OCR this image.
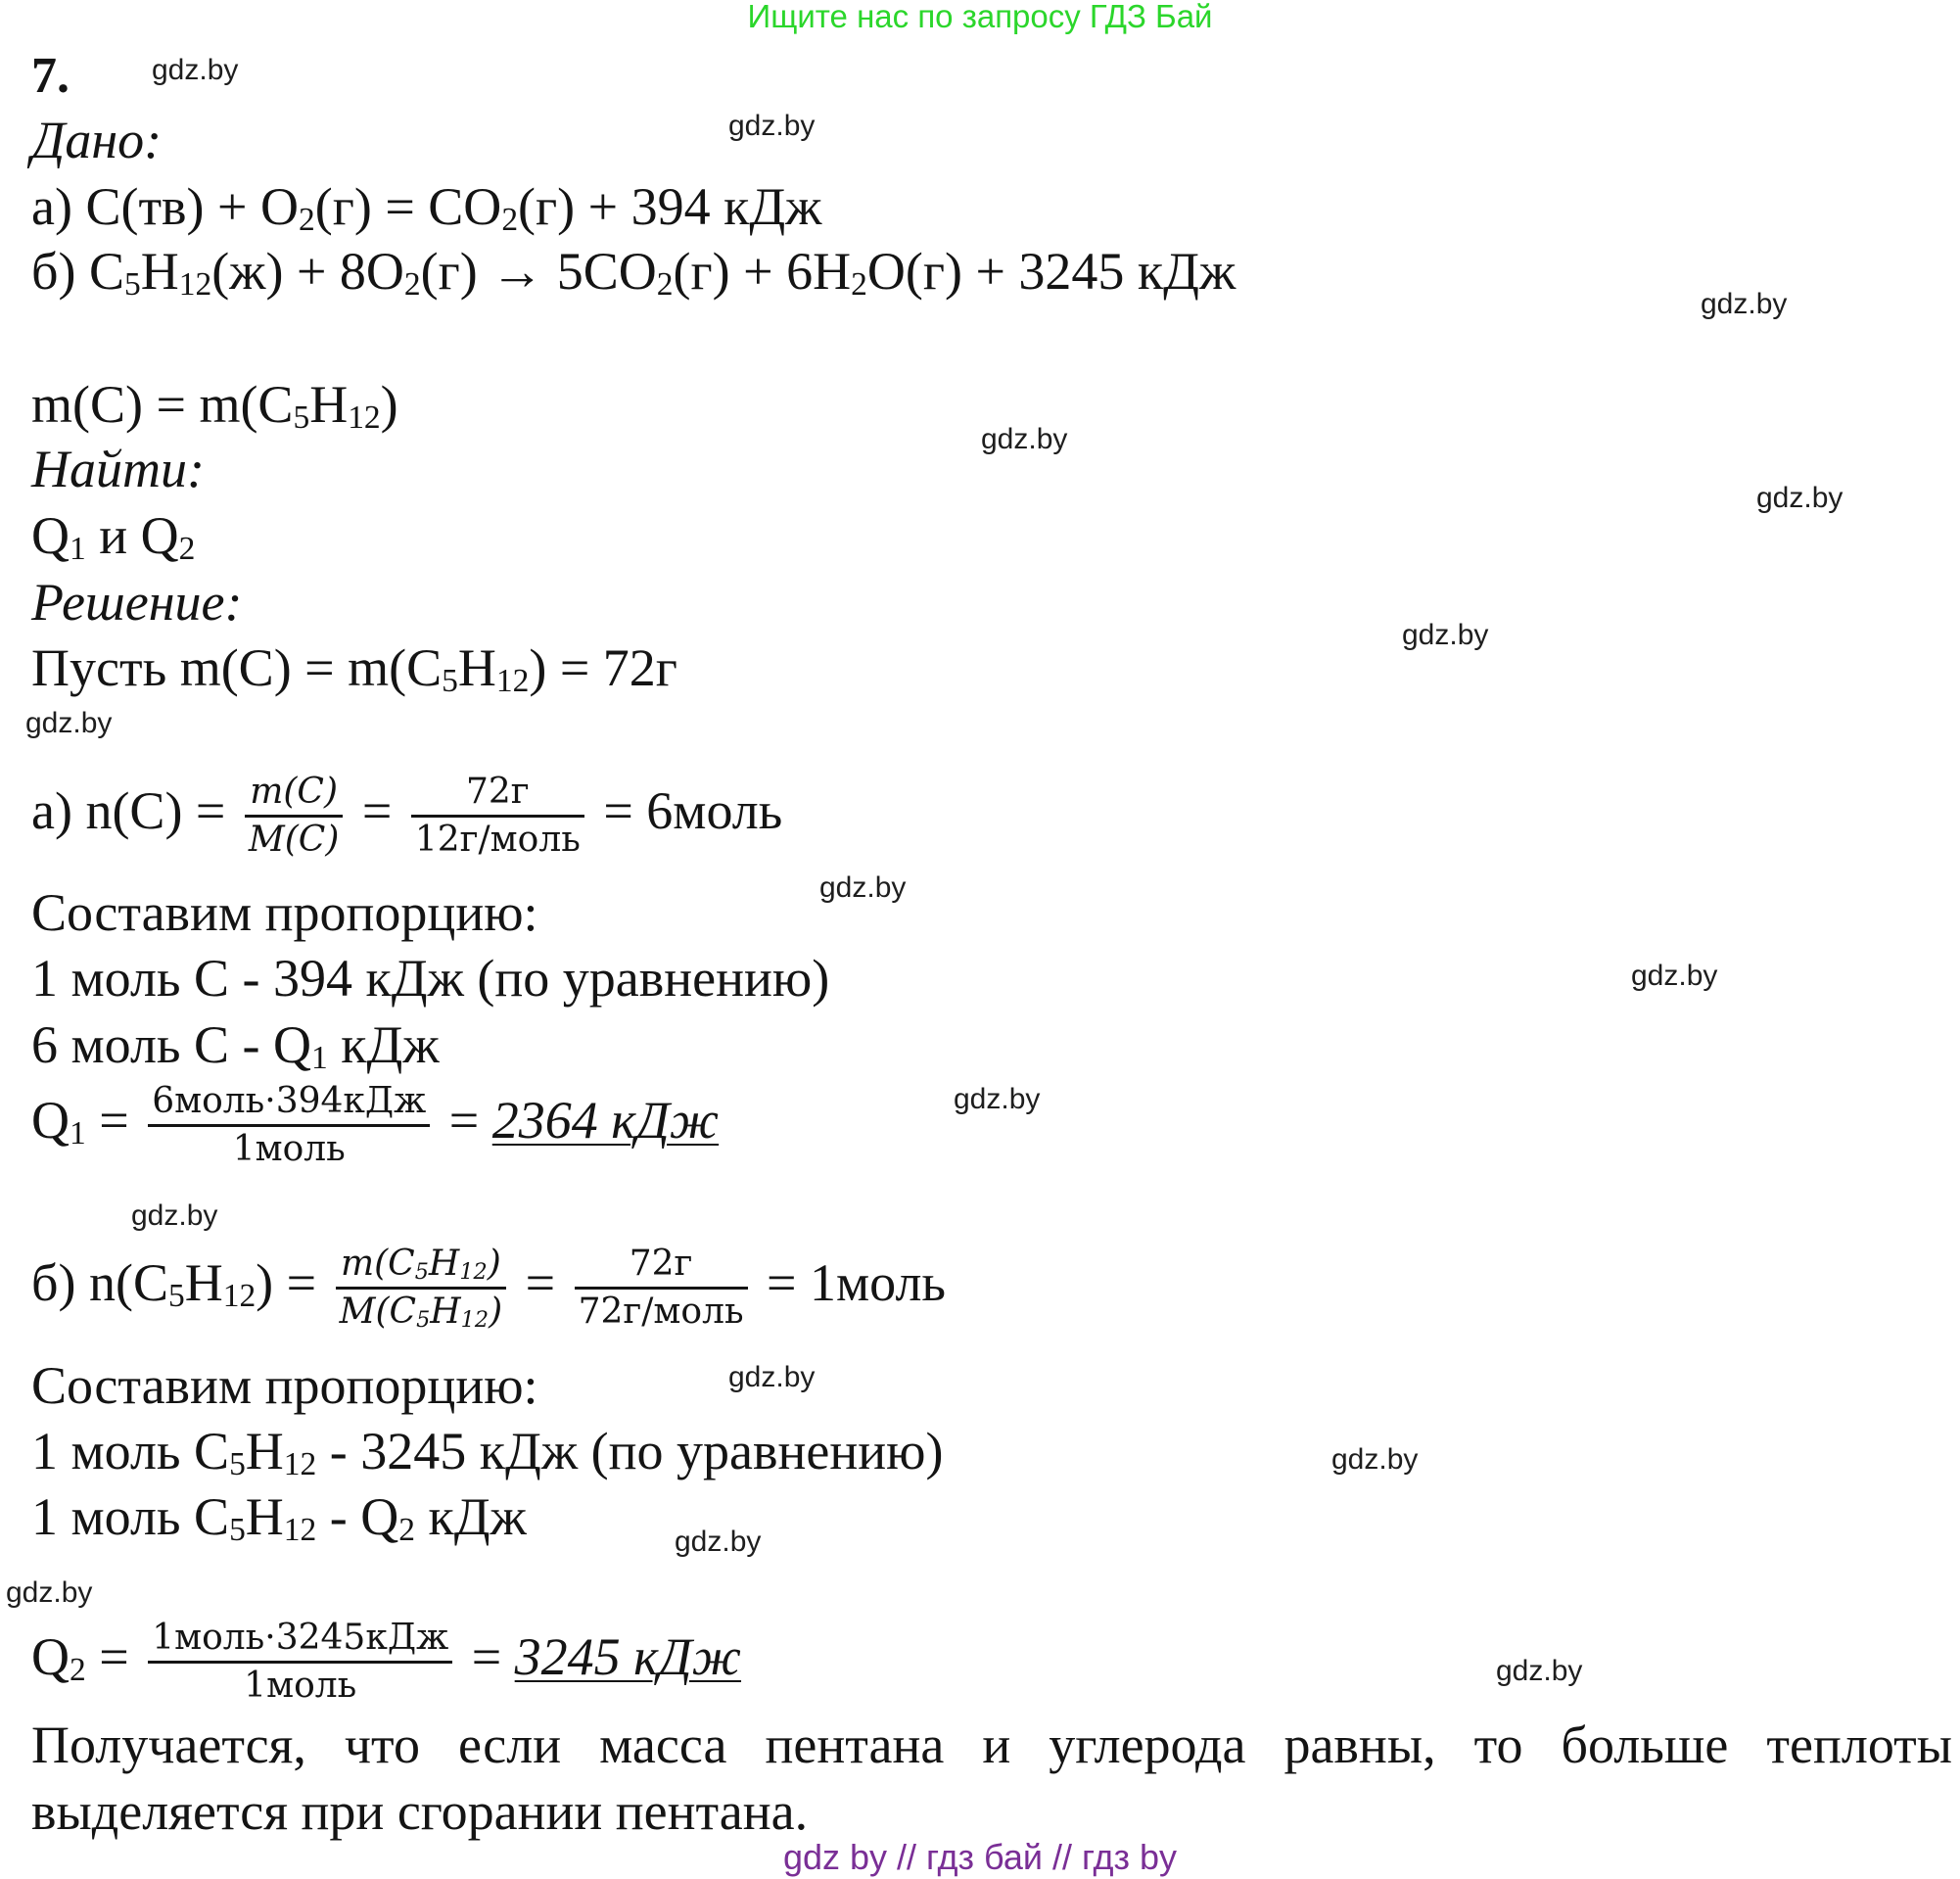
Ищите нас по запросу ГДЗ Бай
gdz.by
gdz.by
gdz.by
gdz.by
gdz.by
gdz.by
gdz.by
gdz.by
gdz.by
gdz.by
gdz.by
gdz.by
gdz.by
gdz.by
gdz.by
gdz.by
7.
Дано:
а) $C(тв) + O_2(г) = CO_2(г) + 394$ кДж
б) $C_5H_{12}(ж) + 8O_2(г) \to 5CO_2(г) + 6H_2O(г) + 3245$ кДж
$m(C) = m(C_5H_{12})$
Найти:
$Q_1$ и $Q_2$
Решение:
Пусть $m(C) = m(C_5H_{12}) = 72г$
а) $n(C) = \frac{m(C)}{M(C)} = \frac{72г}{\text{12г/моль}}$ = 6моль
Составим пропорцию:
1 моль C - 394 кДж (по уравнению)
6 моль C - $Q_1$ кДж
$Q_1 = \frac{\text{6моль·394кДж}}{\text{1моль}} = 2364$ кДж
б) $n(C_5H_{12}) = \frac{m(C_5H_{12})}{M(C_5H_{12})} = \frac{72г}{\text{72г/моль}}$ = 1моль
Составим пропорцию:
1 моль $C_5H_{12} - 3245$ кДж (по уравнению)
1 моль $C_5H_{12} - Q_2$ кДж
$Q_2 = \frac{\text{1моль·3245кДж}}{\text{1моль}} = 3245$ кДж
Получается, что если масса пентана и углерода равны, то больше теплоты выделяется при сгорании пентана.
gdz by // гдз бай // гдз by
